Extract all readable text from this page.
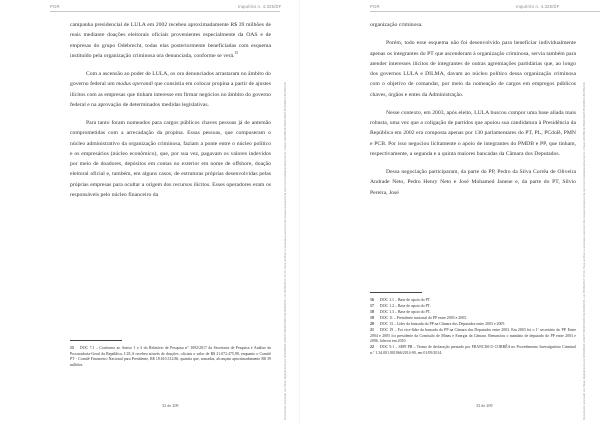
PGR	Inquérito n. 4.325/DF

campanha presidencial de LULA em 2002 recebeu aproximadamente R$ 39 milhões de reais mediante doações eleitorais oficiais provenientes especialmente da OAS e de empresas do grupo Odebrecht, todas elas posteriormente beneficiadas com esquema instituído pela organização criminosa ora denunciada, conforme se verá.$^{15}$

Com a ascensão ao poder de LULA, os ora denunciados arrastaram no âmbito do governo federal um modus operandi que consistia em colocar propina a partir de ajustes ilícitos com as empresas que tinham interesse em firmar negócios no âmbito do governo federal e na aprovação de determinados medidas legislativas.

Para tanto foram nomeados para cargos públicos chaves pessoas já de antemão comprometidas com a arrecadação da propina. Essas pessoas, que compuseram o núcleo administrativo da organização criminosa, faziam a ponte entre o núcleo político e os empresários (núcleo econômico), que, por sua vez, pagavam os valores indevidos por meio de doadores, depósitos em contas no exterior em nome de offshore, doação eleitoral oficial e, também, em alguns casos, de estruturas próprias desenvolvidas pelas próprias empresas para ocultar a origem dos recursos ilícitos. Esses operadores eram os responsáveis pelo núcleo financeiro da

15 DOC 7.1 – Conforme ao Anexo 1 e 3 do Relatório de Pesquisa n° 1092/2017 da Secretaria de Pesquisa e Análise da Procuradoria-Geral da República, LULA recebeu através de doações, oficiais o valor de R$ 21.072.475,98, enquanto o Comitê PT - Comitê Financeiro Nacional para Presidente, R$ 18.610.312,86, quantia que, somadas, alcançam aproximadamente R$ 39 milhões.
32 de 209	Documento assinado via Token digitalmente por RODRIGO JANOT MONTEIRO DE BARROS, em 05/09/2017 17:23. Para verificar a assinatura acesse http://www.transparencia.mpf.mp.br/validacaodocumento. Chave 20A0B91E.B6E1DE38.B7A03BC3.8F6B3A4C
PGR	Inquérito n. 4.325/DF

organização criminosa.

Porém, todo esse esquema não foi desenvolvido para beneficiar individualmente apenas os integrantes do PT que ascenderam à organização criminosa, servia também para atender interesses ilícitos de integrantes de outras agremiações partidárias que, ao longo dos governos LULA e DILMA, davam ao núcleo político dessa organização criminosa com o objetivo de comandar, por meio da nomeação de cargos em empregos públicos chaves, órgãos e entes da Administração.

Nesse contexto, em 2003, após eleito, LULA buscou compor uma base aliada mais robusta, uma vez que a coligação de partidos que apoiou sua candidatura à Presidência da República em 2002 era composta apenas por 130 parlamentares do PT, PL, PCdoB, PMN e PCB. Por isso negociou lícitamente o apoio de integrantes do PMDB e PP, que tinham, respectivamente, a segunda e a quinta maiores bancadas da Câmara dos Deputados.

Dessa negociação participaram, da parte do PP, Pedro da Silva Corrêa de Oliveira Andrade Neto, Pedro Henry Neto e José Mohamed Janene e, da parte do PT, Silvio Pereira, José

16 DOC 1.1 – Base de apoio do PT.
17 DOC 1.2 – Base de apoio do PT.
18 DOC 1.3 – Base de apoio do PT.
19 DOC 11 – Presidente nacional do PP entre 2003 e 2005.
20 DOC 13 – Líder da bancada do PP na Câmara dos Deputados entre 2003 e 2005.
21 DOC 19 – Foi vice-líder da bancada do PP na Câmara dos Deputados entre 2003. Em 2003 foi o 1º secretário do PP. Entre 2004 e 2005 foi presidente da Comissão de Minas e Energia da Câmara. Renunciou o mandato de deputado do PP entre 2003 e 2006, faleceu em 2010.
22 DOC 9.1 – SEPI PR – Termo de declaração prestado por FRANCISCO CORRÊA no Procedimento Investigatório Criminal n.° 1.34.001.001066/2014-90, em 01/09/2014.
33 de 209	Documento assinado via Token digitalmente por RODRIGO JANOT MONTEIRO DE BARROS, em 05/09/2017 17:23. Para verificar a assinatura acesse http://www.transparencia.mpf.mp.br/validacaodocumento. Chave 20A0B91E.B6E1DE38.B7A03BC3.8F6B3A4C
